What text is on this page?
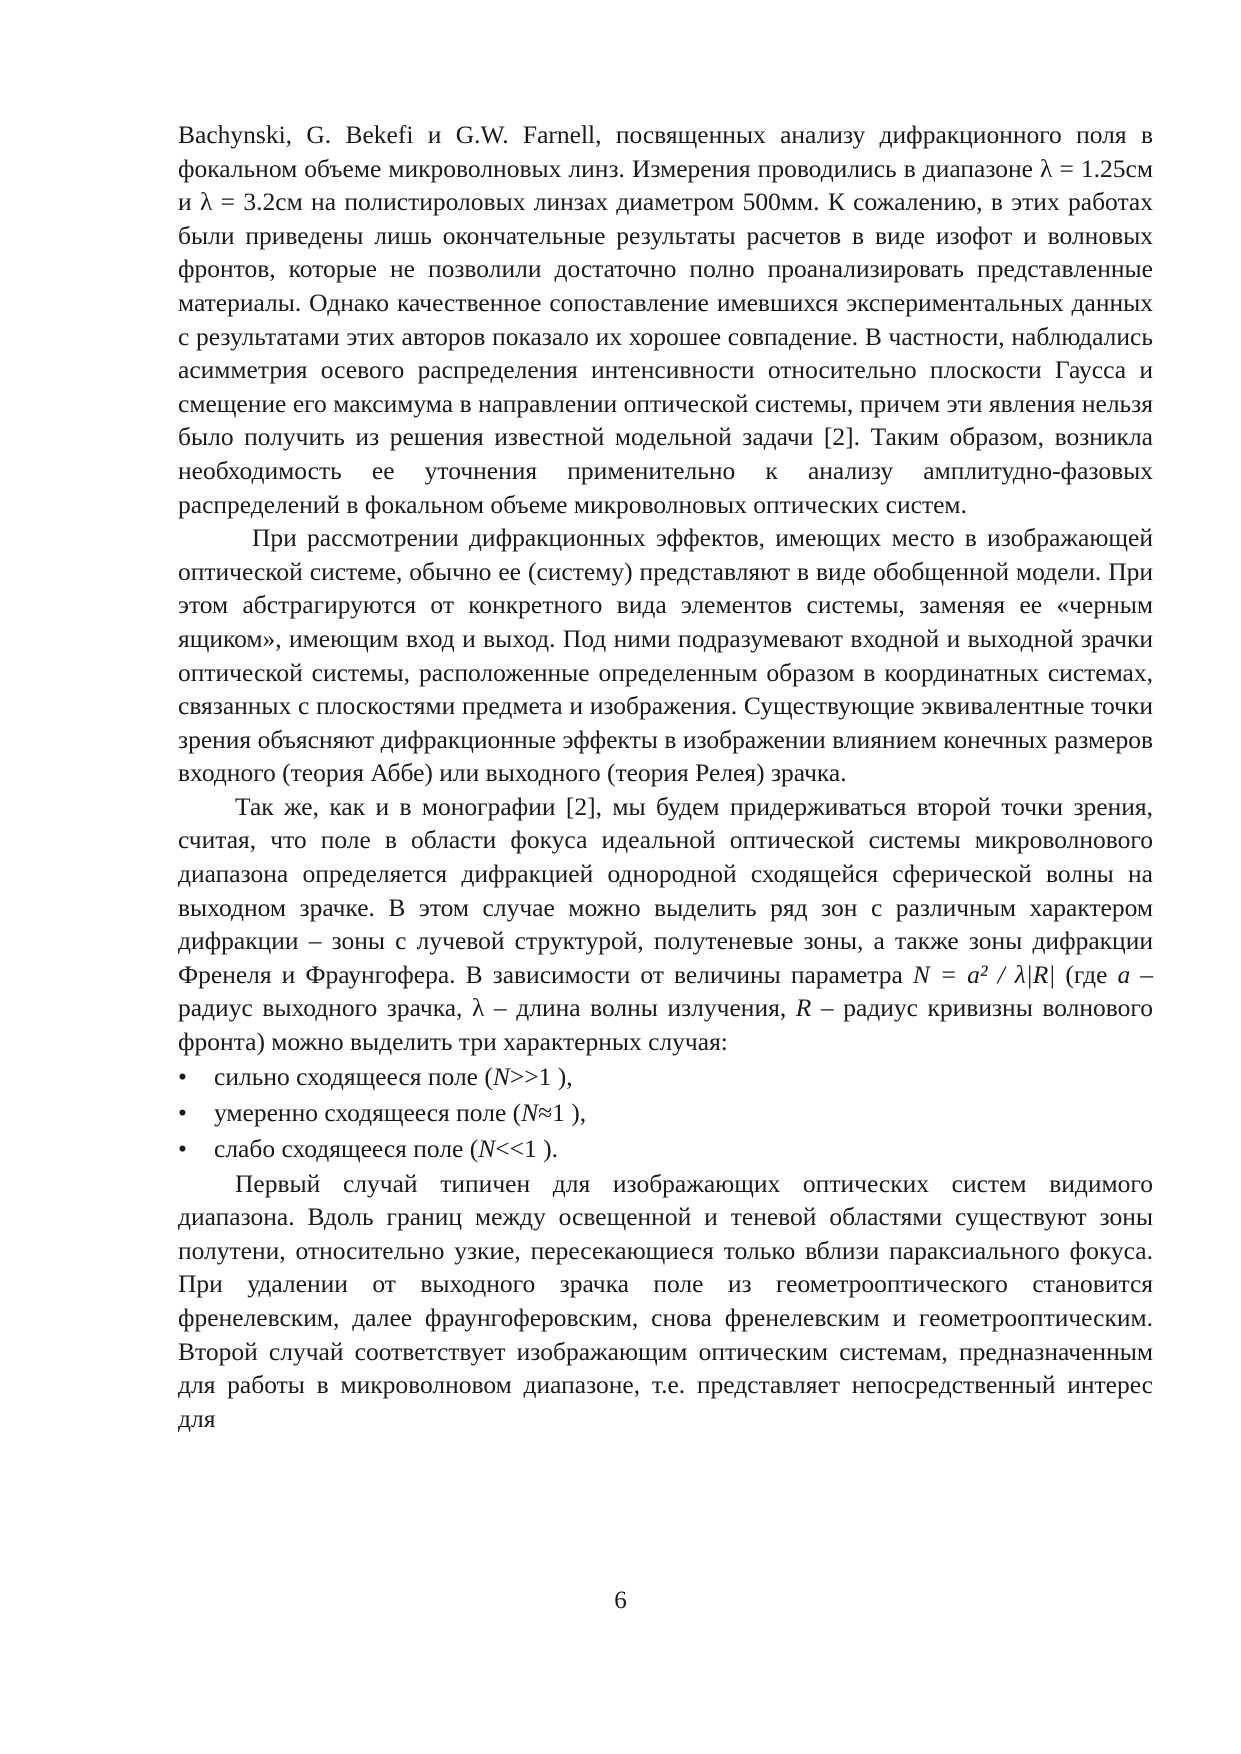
Bachynski, G. Bekefi и G.W. Farnell, посвященных анализу дифракционного поля в фокальном объеме микроволновых линз. Измерения проводились в диапазоне λ = 1.25см и λ = 3.2см на полистироловых линзах диаметром 500мм. К сожалению, в этих работах были приведены лишь окончательные результаты расчетов в виде изофот и волновых фронтов, которые не позволили достаточно полно проанализировать представленные материалы. Однако качественное сопоставление имевшихся экспериментальных данных с результатами этих авторов показало их хорошее совпадение. В частности, наблюдались асимметрия осевого распределения интенсивности относительно плоскости Гаусса и смещение его максимума в направлении оптической системы, причем эти явления нельзя было получить из решения известной модельной задачи [2]. Таким образом, возникла необходимость ее уточнения применительно к анализу амплитудно-фазовых распределений в фокальном объеме микроволновых оптических систем.

При рассмотрении дифракционных эффектов, имеющих место в изображающей оптической системе, обычно ее (систему) представляют в виде обобщенной модели. При этом абстрагируются от конкретного вида элементов системы, заменяя ее «черным ящиком», имеющим вход и выход. Под ними подразумевают входной и выходной зрачки оптической системы, расположенные определенным образом в координатных системах, связанных с плоскостями предмета и изображения. Существующие эквивалентные точки зрения объясняют дифракционные эффекты в изображении влиянием конечных размеров входного (теория Аббе) или выходного (теория Релея) зрачка.

Так же, как и в монографии [2], мы будем придерживаться второй точки зрения, считая, что поле в области фокуса идеальной оптической системы микроволнового диапазона определяется дифракцией однородной сходящейся сферической волны на выходном зрачке. В этом случае можно выделить ряд зон с различным характером дифракции – зоны с лучевой структурой, полутеневые зоны, а также зоны дифракции Френеля и Фраунгофера. В зависимости от величины параметра N = a² / λ|R| (где a – радиус выходного зрачка, λ – длина волны излучения, R – радиус кривизны волнового фронта) можно выделить три характерных случая:

•	сильно сходящееся поле (N>>1 ),
•	умеренно сходящееся поле (N≈1 ),
•	слабо сходящееся поле (N<<1 ).

Первый случай типичен для изображающих оптических систем видимого диапазона. Вдоль границ между освещенной и теневой областями существуют зоны полутени, относительно узкие, пересекающиеся только вблизи параксиального фокуса. При удалении от выходного зрачка поле из геометрооптического становится френелевским, далее фраунгоферовским, снова френелевским и геометрооптическим. Второй случай соответствует изображающим оптическим системам, предназначенным для работы в микроволновом диапазоне, т.е. представляет непосредственный интерес для

6
